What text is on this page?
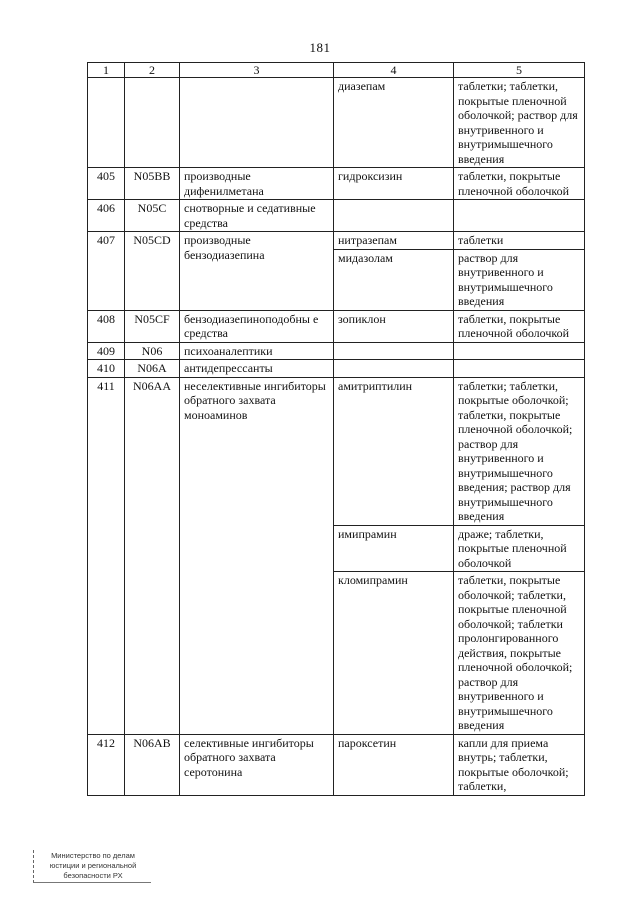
181
1	2	3	4	5
			диазепам	таблетки; таблетки, покрытые пленочной оболочкой; раствор для внутривенного и внутримышечного введения
405	N05BB	производные дифенилметана	гидроксизин	таблетки, покрытые пленочной оболочкой
406	N05C	снотворные и седативные средства		
407	N05CD	производные бензодиазепина	нитразепам	таблетки
			мидазолам	раствор для внутривенного и внутримышечного введения
408	N05CF	бензодиазепиноподобны е средства	зопиклон	таблетки, покрытые пленочной оболочкой
409	N06	психоаналептики		
410	N06A	антидепрессанты		
411	N06AA	неселективные ингибиторы обратного захвата моноаминов	амитриптилин	таблетки; таблетки, покрытые оболочкой; таблетки, покрытые пленочной оболочкой; раствор для внутривенного и внутримышечного введения; раствор для внутримышечного введения
			имипрамин	драже; таблетки, покрытые пленочной оболочкой
			кломипрамин	таблетки, покрытые оболочкой; таблетки, покрытые пленочной оболочкой; таблетки пролонгированного действия, покрытые пленочной оболочкой; раствор для внутривенного и внутримышечного введения
412	N06AB	селективные ингибиторы обратного захвата серотонина	пароксетин	капли для приема внутрь; таблетки, покрытые оболочкой; таблетки,
Министерство по делам
юстиции и региональной
безопасности РХ
